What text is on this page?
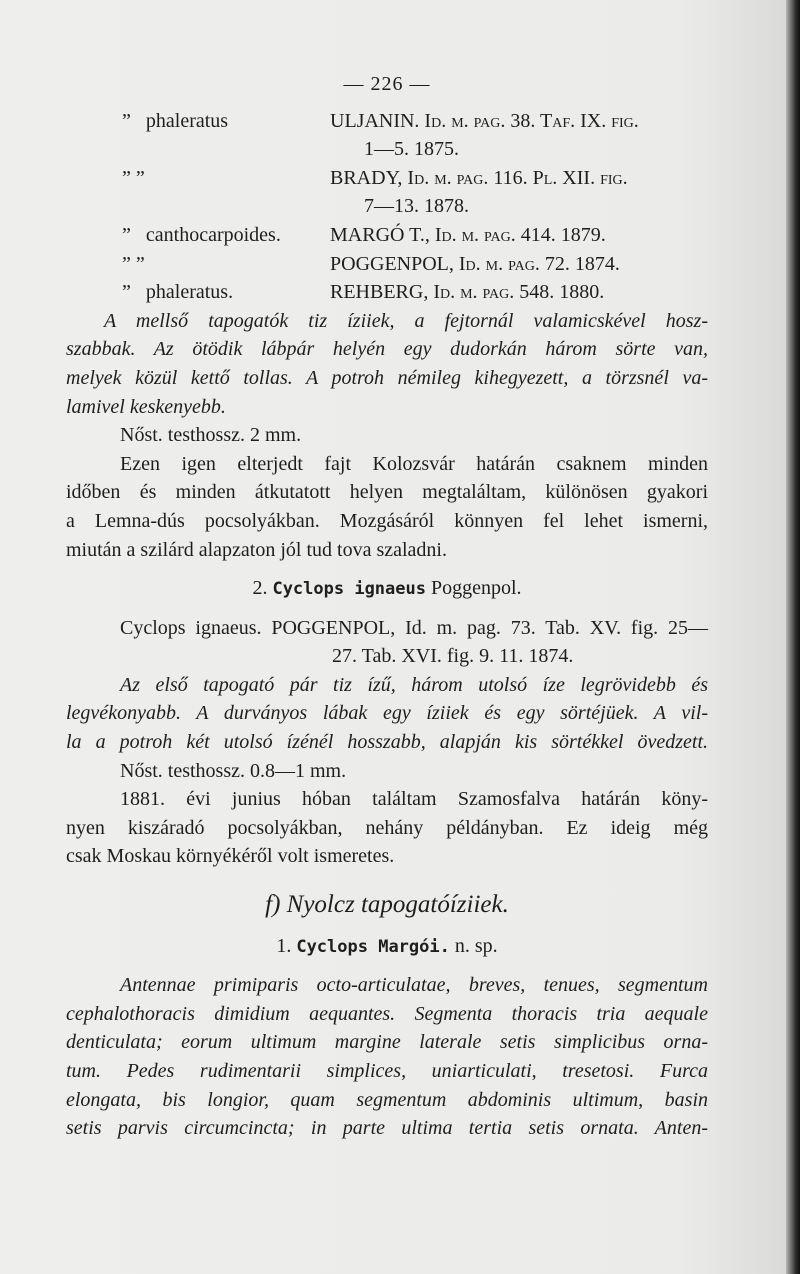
— 226 —
” phaleratus	ULJANIN. Id. m. pag. 38. Taf. IX. fig.
1—5. 1875.
” ”	BRADY, Id. m. pag. 116. Pl. XII. fig.
7—13. 1878.
” canthocarpoides.	MARGÓ T., Id. m. pag. 414. 1879.
” ”	POGGENPOL, Id. m. pag. 72. 1874.
” phaleratus.	REHBERG, Id. m. pag. 548. 1880.
A mellső tapogatók tiz íziiek, a fejtornál valamicskével hosz-
szabbak. Az ötödik lábpár helyén egy dudorkán három sörte van,
melyek közül kettő tollas. A potroh némileg kihegyezett, a törzsnél va-
lamivel keskenyebb.
Nőst. testhossz. 2 mm.
Ezen igen elterjedt fajt Kolozsvár határán csaknem minden
időben és minden átkutatott helyen megtaláltam, különösen gyakori
a Lemna-dús pocsolyákban. Mozgásáról könnyen fel lehet ismerni,
miután a szilárd alapzaton jól tud tova szaladni.
2. Cyclops ignaeus Poggenpol.
Cyclops ignaeus. POGGENPOL, Id. m. pag. 73. Tab. XV. fig. 25—
27. Tab. XVI. fig. 9. 11. 1874.
Az első tapogató pár tiz ízű, három utolsó íze legrövidebb és
legvékonyabb. A durványos lábak egy íziiek és egy sörtéjüek. A vil-
la a potroh két utolsó ízénél hosszabb, alapján kis sörtékkel övedzett.
Nőst. testhossz. 0.8—1 mm.
1881. évi junius hóban találtam Szamosfalva határán köny-
nyen kiszáradó pocsolyákban, nehány példányban. Ez ideig még
csak Moskau környékéről volt ismeretes.
f) Nyolcz tapogatóíziiek.
1. Cyclops Margói. n. sp.
Antennae primiparis octo-articulatae, breves, tenues, segmentum
cephalothoracis dimidium aequantes. Segmenta thoracis tria aequale
denticulata; eorum ultimum margine laterale setis simplicibus orna-
tum. Pedes rudimentarii simplices, uniarticulati, tresetosi. Furca
elongata, bis longior, quam segmentum abdominis ultimum, basin
setis parvis circumcincta; in parte ultima tertia setis ornata. Anten-
